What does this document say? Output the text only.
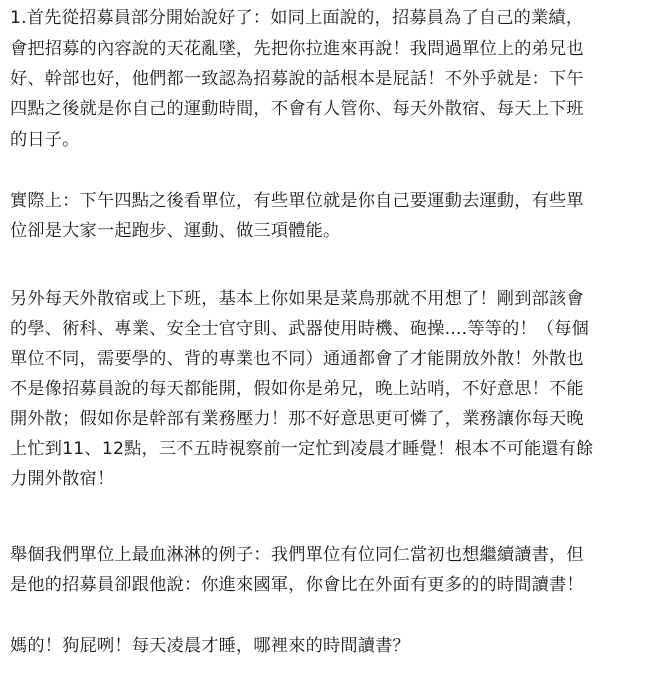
1.首先從招募員部分開始說好了：如同上面說的，招募員為了自己的業績，
會把招募的內容說的天花亂墜，先把你拉進來再說！我問過單位上的弟兄也
好、幹部也好，他們都一致認為招募說的話根本是屁話！不外乎就是：下午
四點之後就是你自己的運動時間，不會有人管你、每天外散宿、每天上下班
的日子。
實際上：下午四點之後看單位，有些單位就是你自己要運動去運動，有些單
位卻是大家一起跑步、運動、做三項體能。
另外每天外散宿或上下班，基本上你如果是菜鳥那就不用想了！剛到部該會
的學、術科、專業、安全士官守則、武器使用時機、砲操....等等的！（每個
單位不同，需要學的、背的專業也不同）通通都會了才能開放外散！外散也
不是像招募員說的每天都能開，假如你是弟兄，晚上站哨，不好意思！不能
開外散；假如你是幹部有業務壓力！那不好意思更可憐了，業務讓你每天晚
上忙到11、12點，三不五時視察前一定忙到凌晨才睡覺！根本不可能還有餘
力開外散宿！
舉個我們單位上最血淋淋的例子：我們單位有位同仁當初也想繼續讀書，但
是他的招募員卻跟他說：你進來國軍，你會比在外面有更多的的時間讀書！
媽的！狗屁咧！每天凌晨才睡，哪裡來的時間讀書？
